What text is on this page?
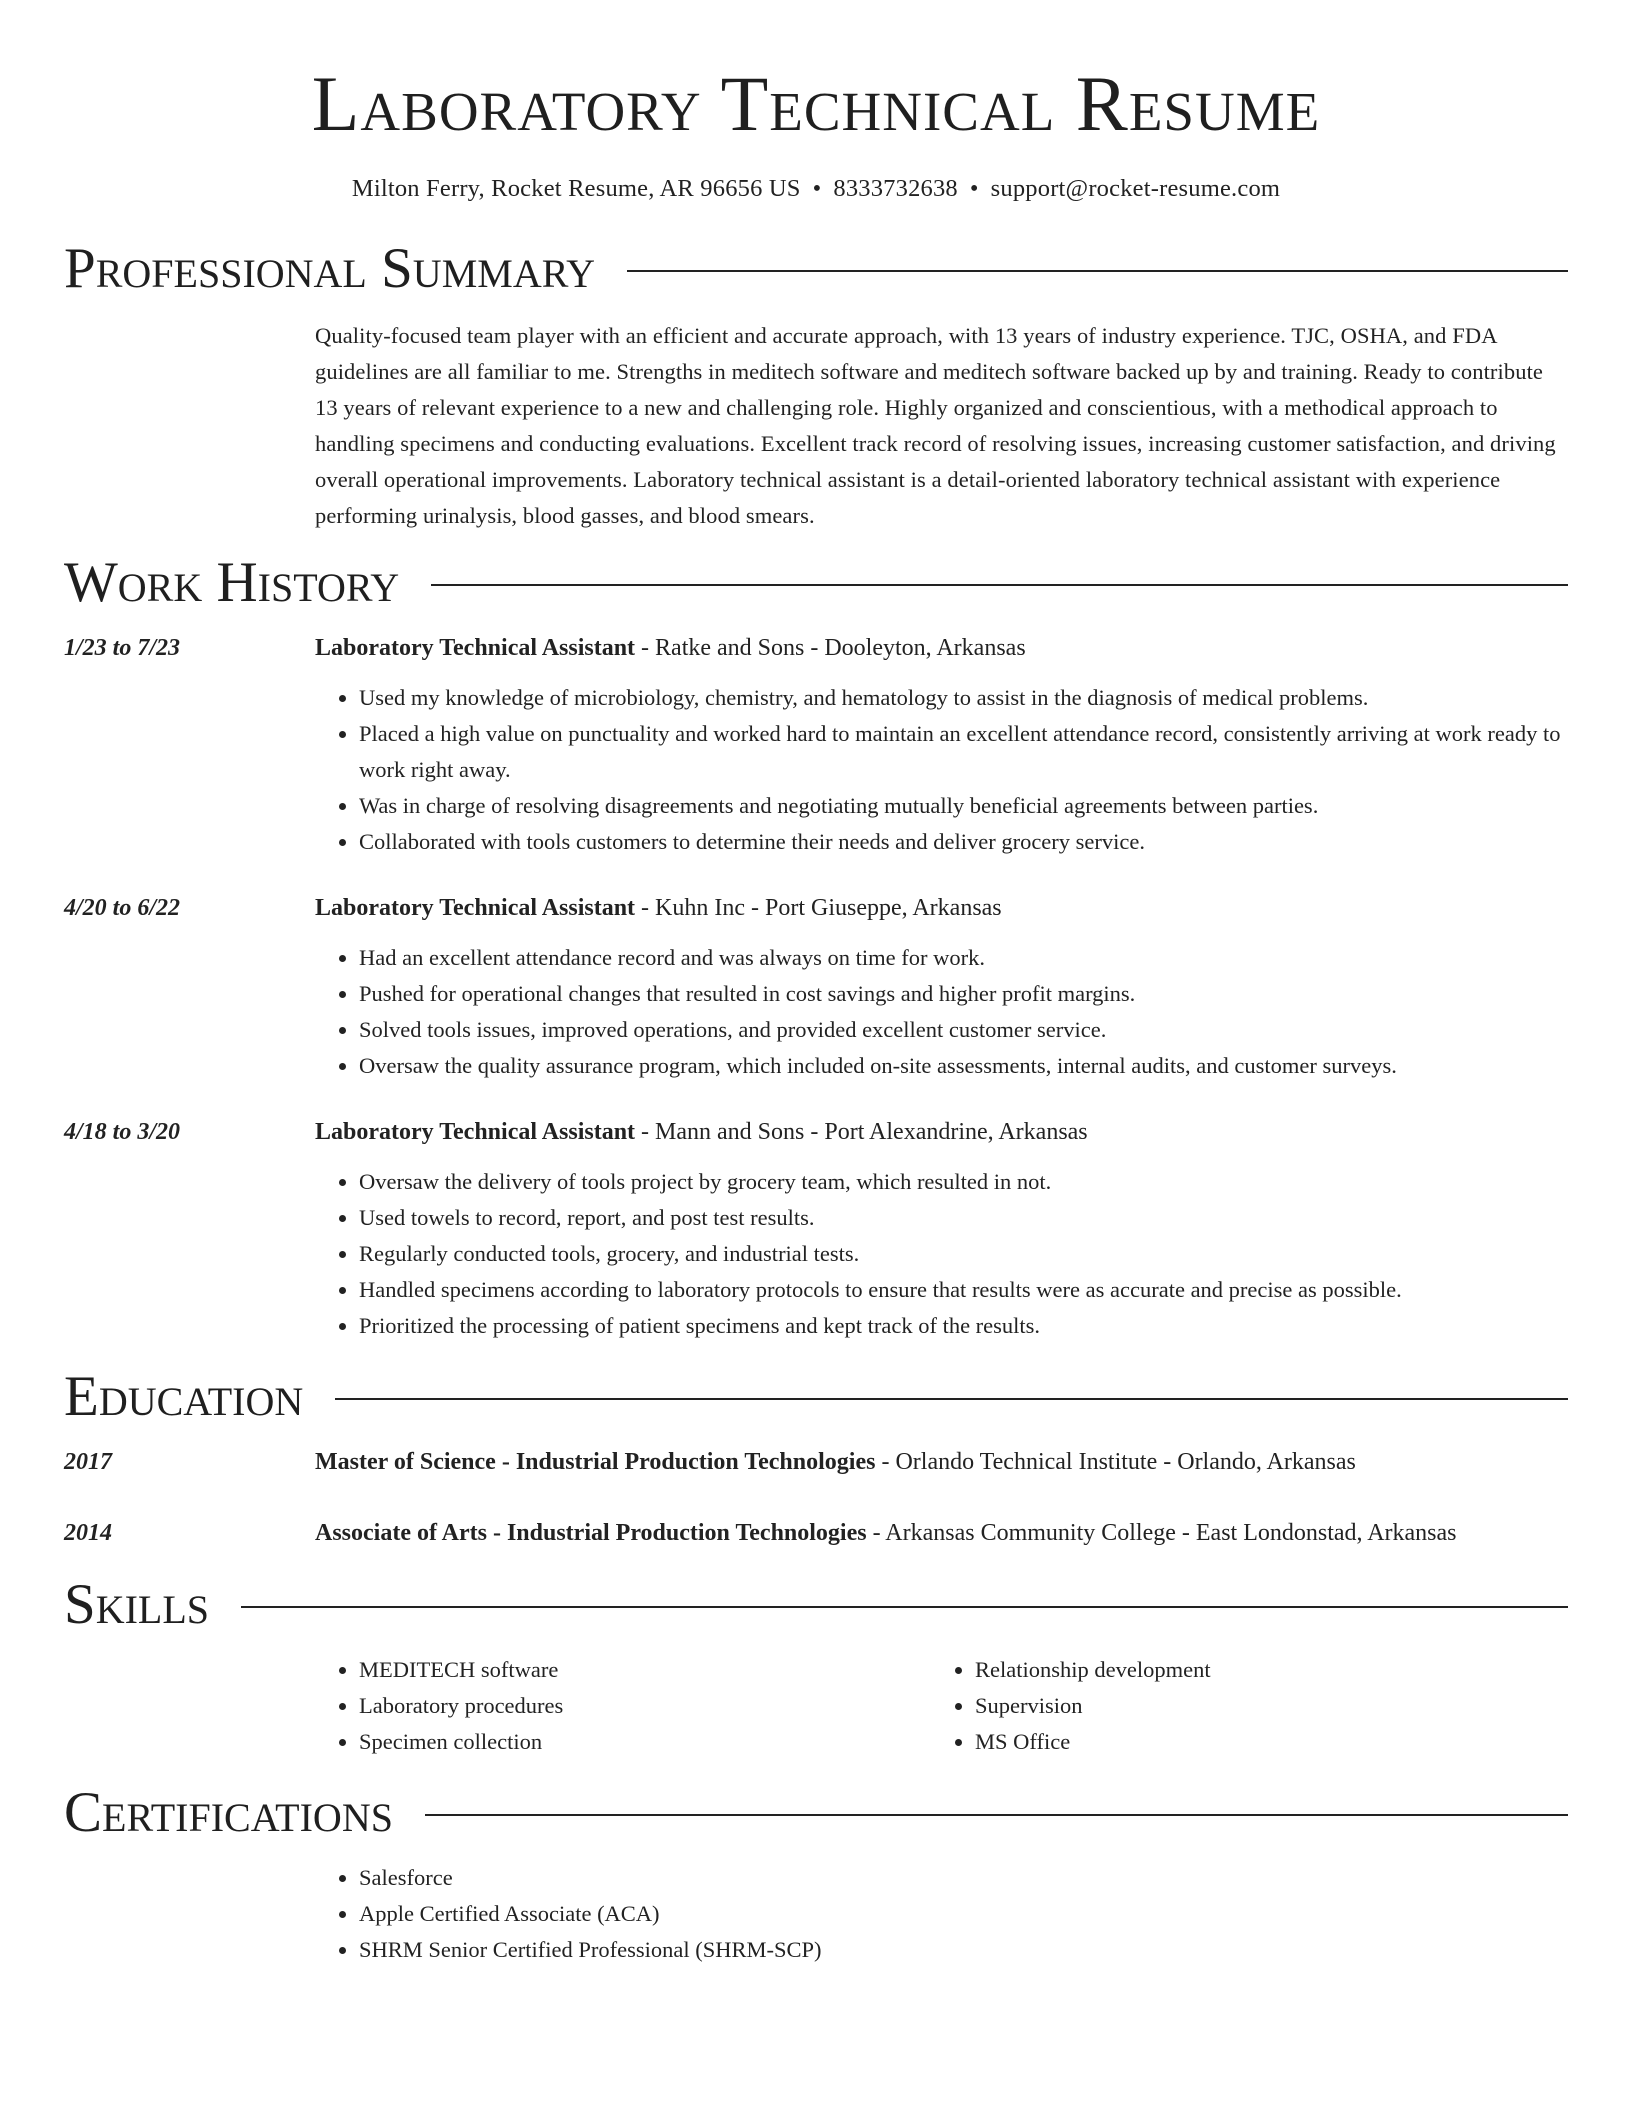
Laboratory Technical Resume
Milton Ferry, Rocket Resume, AR 96656 US • 8333732638 • support@rocket-resume.com
Professional Summary
Quality-focused team player with an efficient and accurate approach, with 13 years of industry experience. TJC, OSHA, and FDA guidelines are all familiar to me. Strengths in meditech software and meditech software backed up by and training. Ready to contribute 13 years of relevant experience to a new and challenging role. Highly organized and conscientious, with a methodical approach to handling specimens and conducting evaluations. Excellent track record of resolving issues, increasing customer satisfaction, and driving overall operational improvements. Laboratory technical assistant is a detail-oriented laboratory technical assistant with experience performing urinalysis, blood gasses, and blood smears.
Work History
1/23 to 7/23	Laboratory Technical Assistant - Ratke and Sons - Dooleyton, Arkansas
• Used my knowledge of microbiology, chemistry, and hematology to assist in the diagnosis of medical problems.
• Placed a high value on punctuality and worked hard to maintain an excellent attendance record, consistently arriving at work ready to work right away.
• Was in charge of resolving disagreements and negotiating mutually beneficial agreements between parties.
• Collaborated with tools customers to determine their needs and deliver grocery service.
4/20 to 6/22	Laboratory Technical Assistant - Kuhn Inc - Port Giuseppe, Arkansas
• Had an excellent attendance record and was always on time for work.
• Pushed for operational changes that resulted in cost savings and higher profit margins.
• Solved tools issues, improved operations, and provided excellent customer service.
• Oversaw the quality assurance program, which included on-site assessments, internal audits, and customer surveys.
4/18 to 3/20	Laboratory Technical Assistant - Mann and Sons - Port Alexandrine, Arkansas
• Oversaw the delivery of tools project by grocery team, which resulted in not.
• Used towels to record, report, and post test results.
• Regularly conducted tools, grocery, and industrial tests.
• Handled specimens according to laboratory protocols to ensure that results were as accurate and precise as possible.
• Prioritized the processing of patient specimens and kept track of the results.
Education
2017	Master of Science - Industrial Production Technologies - Orlando Technical Institute - Orlando, Arkansas
2014	Associate of Arts - Industrial Production Technologies - Arkansas Community College - East Londonstad, Arkansas
Skills
• MEDITECH software
• Laboratory procedures
• Specimen collection
• Relationship development
• Supervision
• MS Office
Certifications
• Salesforce
• Apple Certified Associate (ACA)
• SHRM Senior Certified Professional (SHRM-SCP)
